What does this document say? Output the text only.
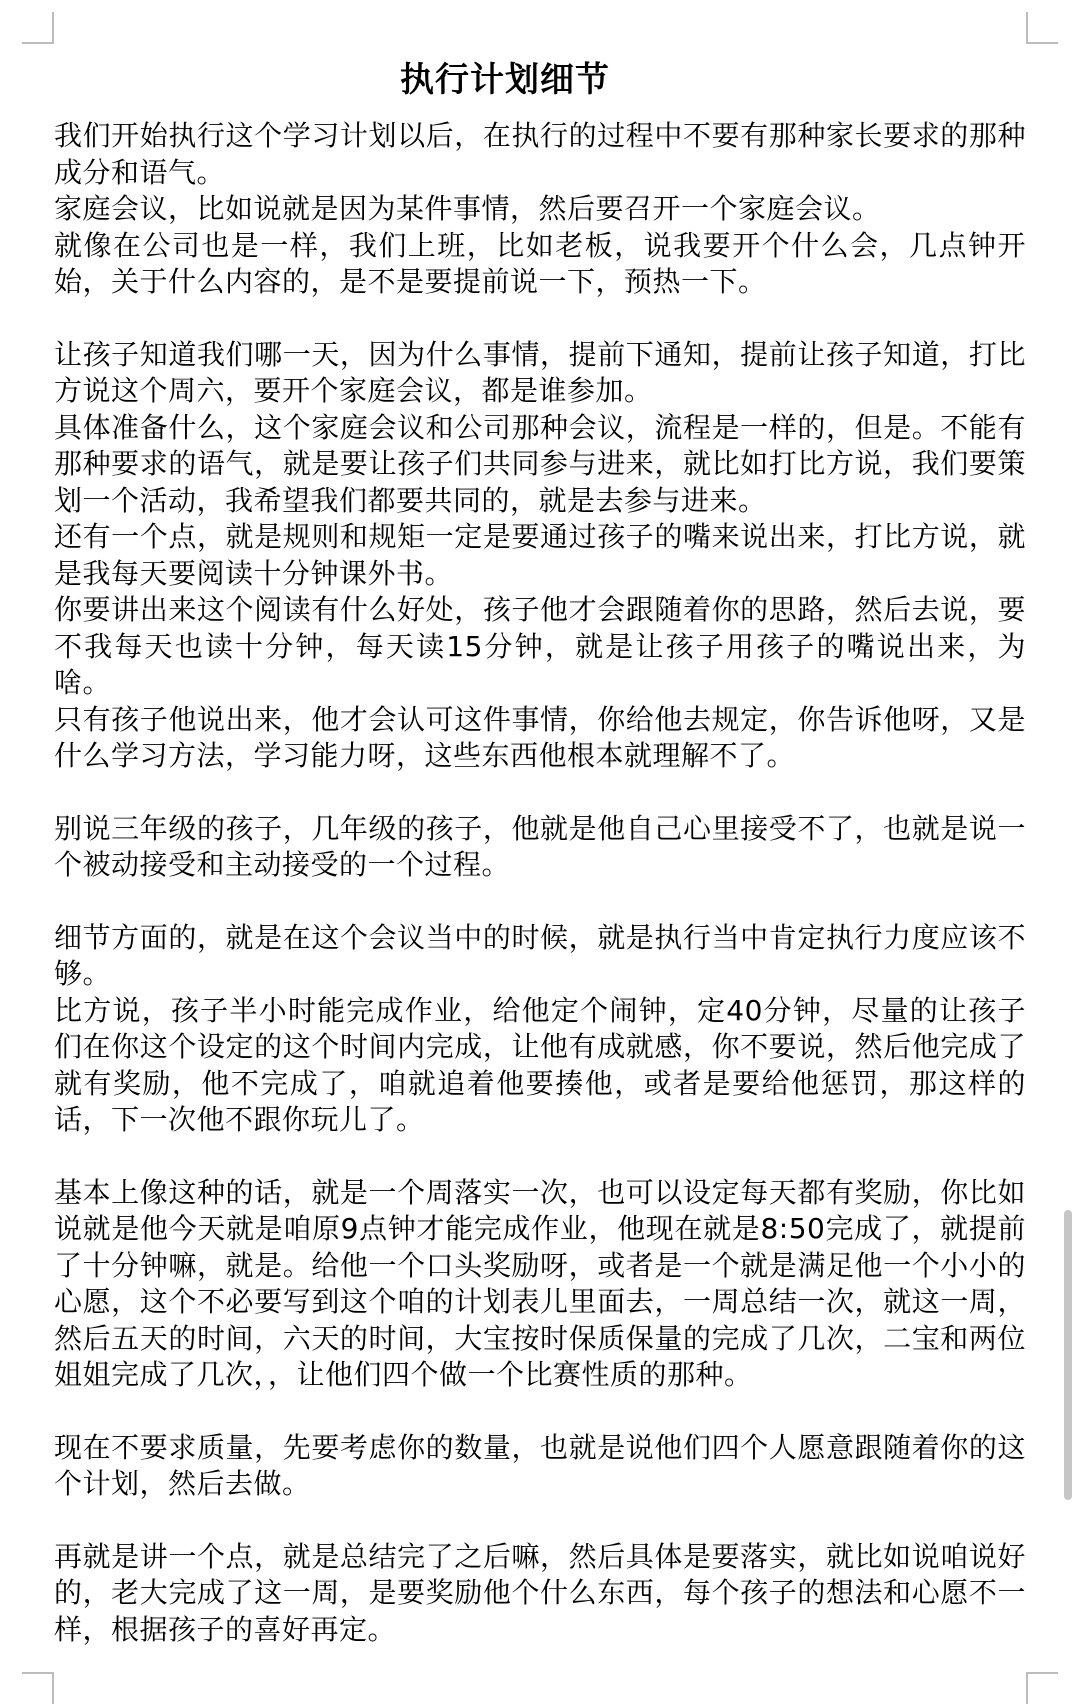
执行计划细节

我们开始执行这个学习计划以后，在执行的过程中不要有那种家长要求的那种成分和语气。

家庭会议，比如说就是因为某件事情，然后要召开一个家庭会议。

就像在公司也是一样，我们上班，比如老板，说我要开个什么会，几点钟开始，关于什么内容的，是不是要提前说一下，预热一下。

让孩子知道我们哪一天，因为什么事情，提前下通知，提前让孩子知道，打比方说这个周六，要开个家庭会议，都是谁参加。

具体准备什么，这个家庭会议和公司那种会议，流程是一样的，但是。不能有那种要求的语气，就是要让孩子们共同参与进来，就比如打比方说，我们要策划一个活动，我希望我们都要共同的，就是去参与进来。

还有一个点，就是规则和规矩一定是要通过孩子的嘴来说出来，打比方说，就是我每天要阅读十分钟课外书。

你要讲出来这个阅读有什么好处，孩子他才会跟随着你的思路，然后去说，要不我每天也读十分钟，每天读15分钟，就是让孩子用孩子的嘴说出来，为啥。

只有孩子他说出来，他才会认可这件事情，你给他去规定，你告诉他呀，又是什么学习方法，学习能力呀，这些东西他根本就理解不了。

别说三年级的孩子，几年级的孩子，他就是他自己心里接受不了，也就是说一个被动接受和主动接受的一个过程。

细节方面的，就是在这个会议当中的时候，就是执行当中肯定执行力度应该不够。

比方说，孩子半小时能完成作业，给他定个闹钟，定40分钟，尽量的让孩子们在你这个设定的这个时间内完成，让他有成就感，你不要说，然后他完成了就有奖励，他不完成了，咱就追着他要揍他，或者是要给他惩罚，那这样的话，下一次他不跟你玩儿了。

基本上像这种的话，就是一个周落实一次，也可以设定每天都有奖励，你比如说就是他今天就是咱原9点钟才能完成作业，他现在就是8:50完成了，就提前了十分钟嘛，就是。给他一个口头奖励呀，或者是一个就是满足他一个小小的心愿，这个不必要写到这个咱的计划表儿里面去，一周总结一次，就这一周，然后五天的时间，六天的时间，大宝按时保质保量的完成了几次，二宝和两位姐姐完成了几次，，让他们四个做一个比赛性质的那种。

现在不要求质量，先要考虑你的数量，也就是说他们四个人愿意跟随着你的这个计划，然后去做。

再就是讲一个点，就是总结完了之后嘛，然后具体是要落实，就比如说咱说好的，老大完成了这一周，是要奖励他个什么东西，每个孩子的想法和心愿不一样，根据孩子的喜好再定。
